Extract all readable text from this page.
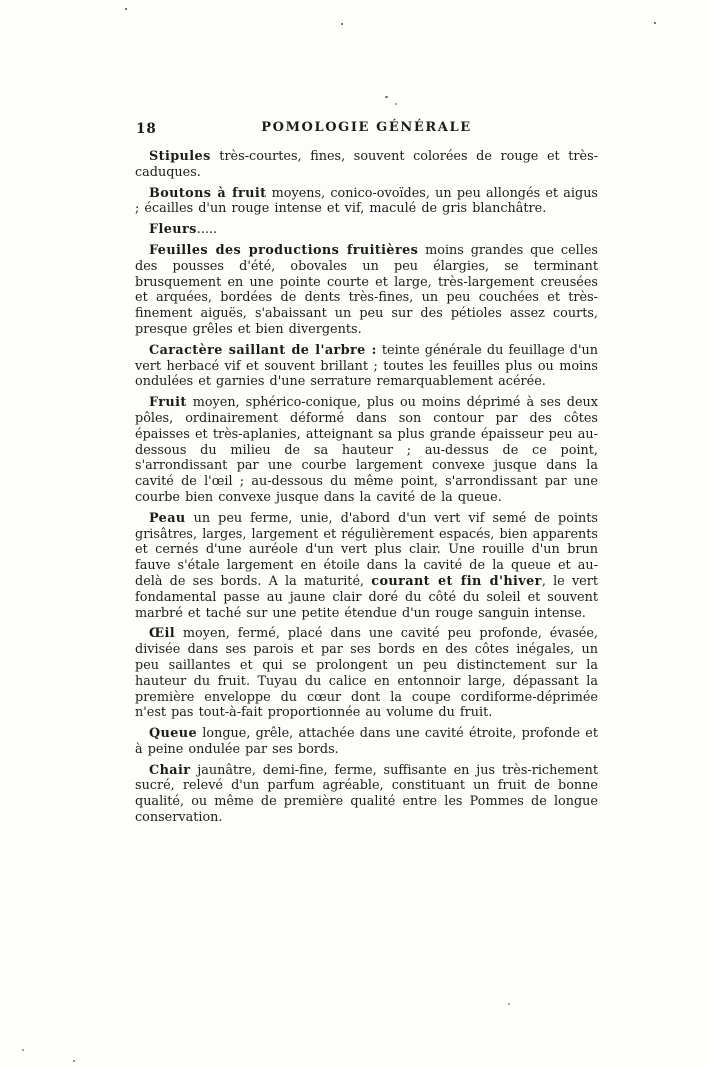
18	POMOLOGIE GÉNÉRALE

Stipules très-courtes, fines, souvent colorées de rouge et très-caduques.

Boutons à fruit moyens, conico-ovoïdes, un peu allongés et aigus ; écailles d'un rouge intense et vif, maculé de gris blanchâtre.

Fleurs.....

Feuilles des productions fruitières moins grandes que celles des pousses d'été, obovales un peu élargies, se terminant brusquement en une pointe courte et large, très-largement creusées et arquées, bordées de dents très-fines, un peu couchées et très-finement aiguës, s'abaissant un peu sur des pétioles assez courts, presque grêles et bien divergents.

Caractère saillant de l'arbre : teinte générale du feuillage d'un vert herbacé vif et souvent brillant ; toutes les feuilles plus ou moins ondulées et garnies d'une serrature remarquablement acérée.

Fruit moyen, sphérico-conique, plus ou moins déprimé à ses deux pôles, ordinairement déformé dans son contour par des côtes épaisses et très-aplanies, atteignant sa plus grande épaisseur peu au-dessous du milieu de sa hauteur ; au-dessus de ce point, s'arrondissant par une courbe largement convexe jusque dans la cavité de l'œil ; au-dessous du même point, s'arrondissant par une courbe bien convexe jusque dans la cavité de la queue.

Peau un peu ferme, unie, d'abord d'un vert vif semé de points grisâtres, larges, largement et régulièrement espacés, bien apparents et cernés d'une auréole d'un vert plus clair. Une rouille d'un brun fauve s'étale largement en étoile dans la cavité de la queue et au-delà de ses bords. A la maturité, courant et fin d'hiver, le vert fondamental passe au jaune clair doré du côté du soleil et souvent marbré et taché sur une petite étendue d'un rouge sanguin intense.

Œil moyen, fermé, placé dans une cavité peu profonde, évasée, divisée dans ses parois et par ses bords en des côtes inégales, un peu saillantes et qui se prolongent un peu distinctement sur la hauteur du fruit. Tuyau du calice en entonnoir large, dépassant la première enveloppe du cœur dont la coupe cordiforme-déprimée n'est pas tout-à-fait proportionnée au volume du fruit.

Queue longue, grêle, attachée dans une cavité étroite, profonde et à peine ondulée par ses bords.

Chair jaunâtre, demi-fine, ferme, suffisante en jus très-richement sucré, relevé d'un parfum agréable, constituant un fruit de bonne qualité, ou même de première qualité entre les Pommes de longue conservation.
